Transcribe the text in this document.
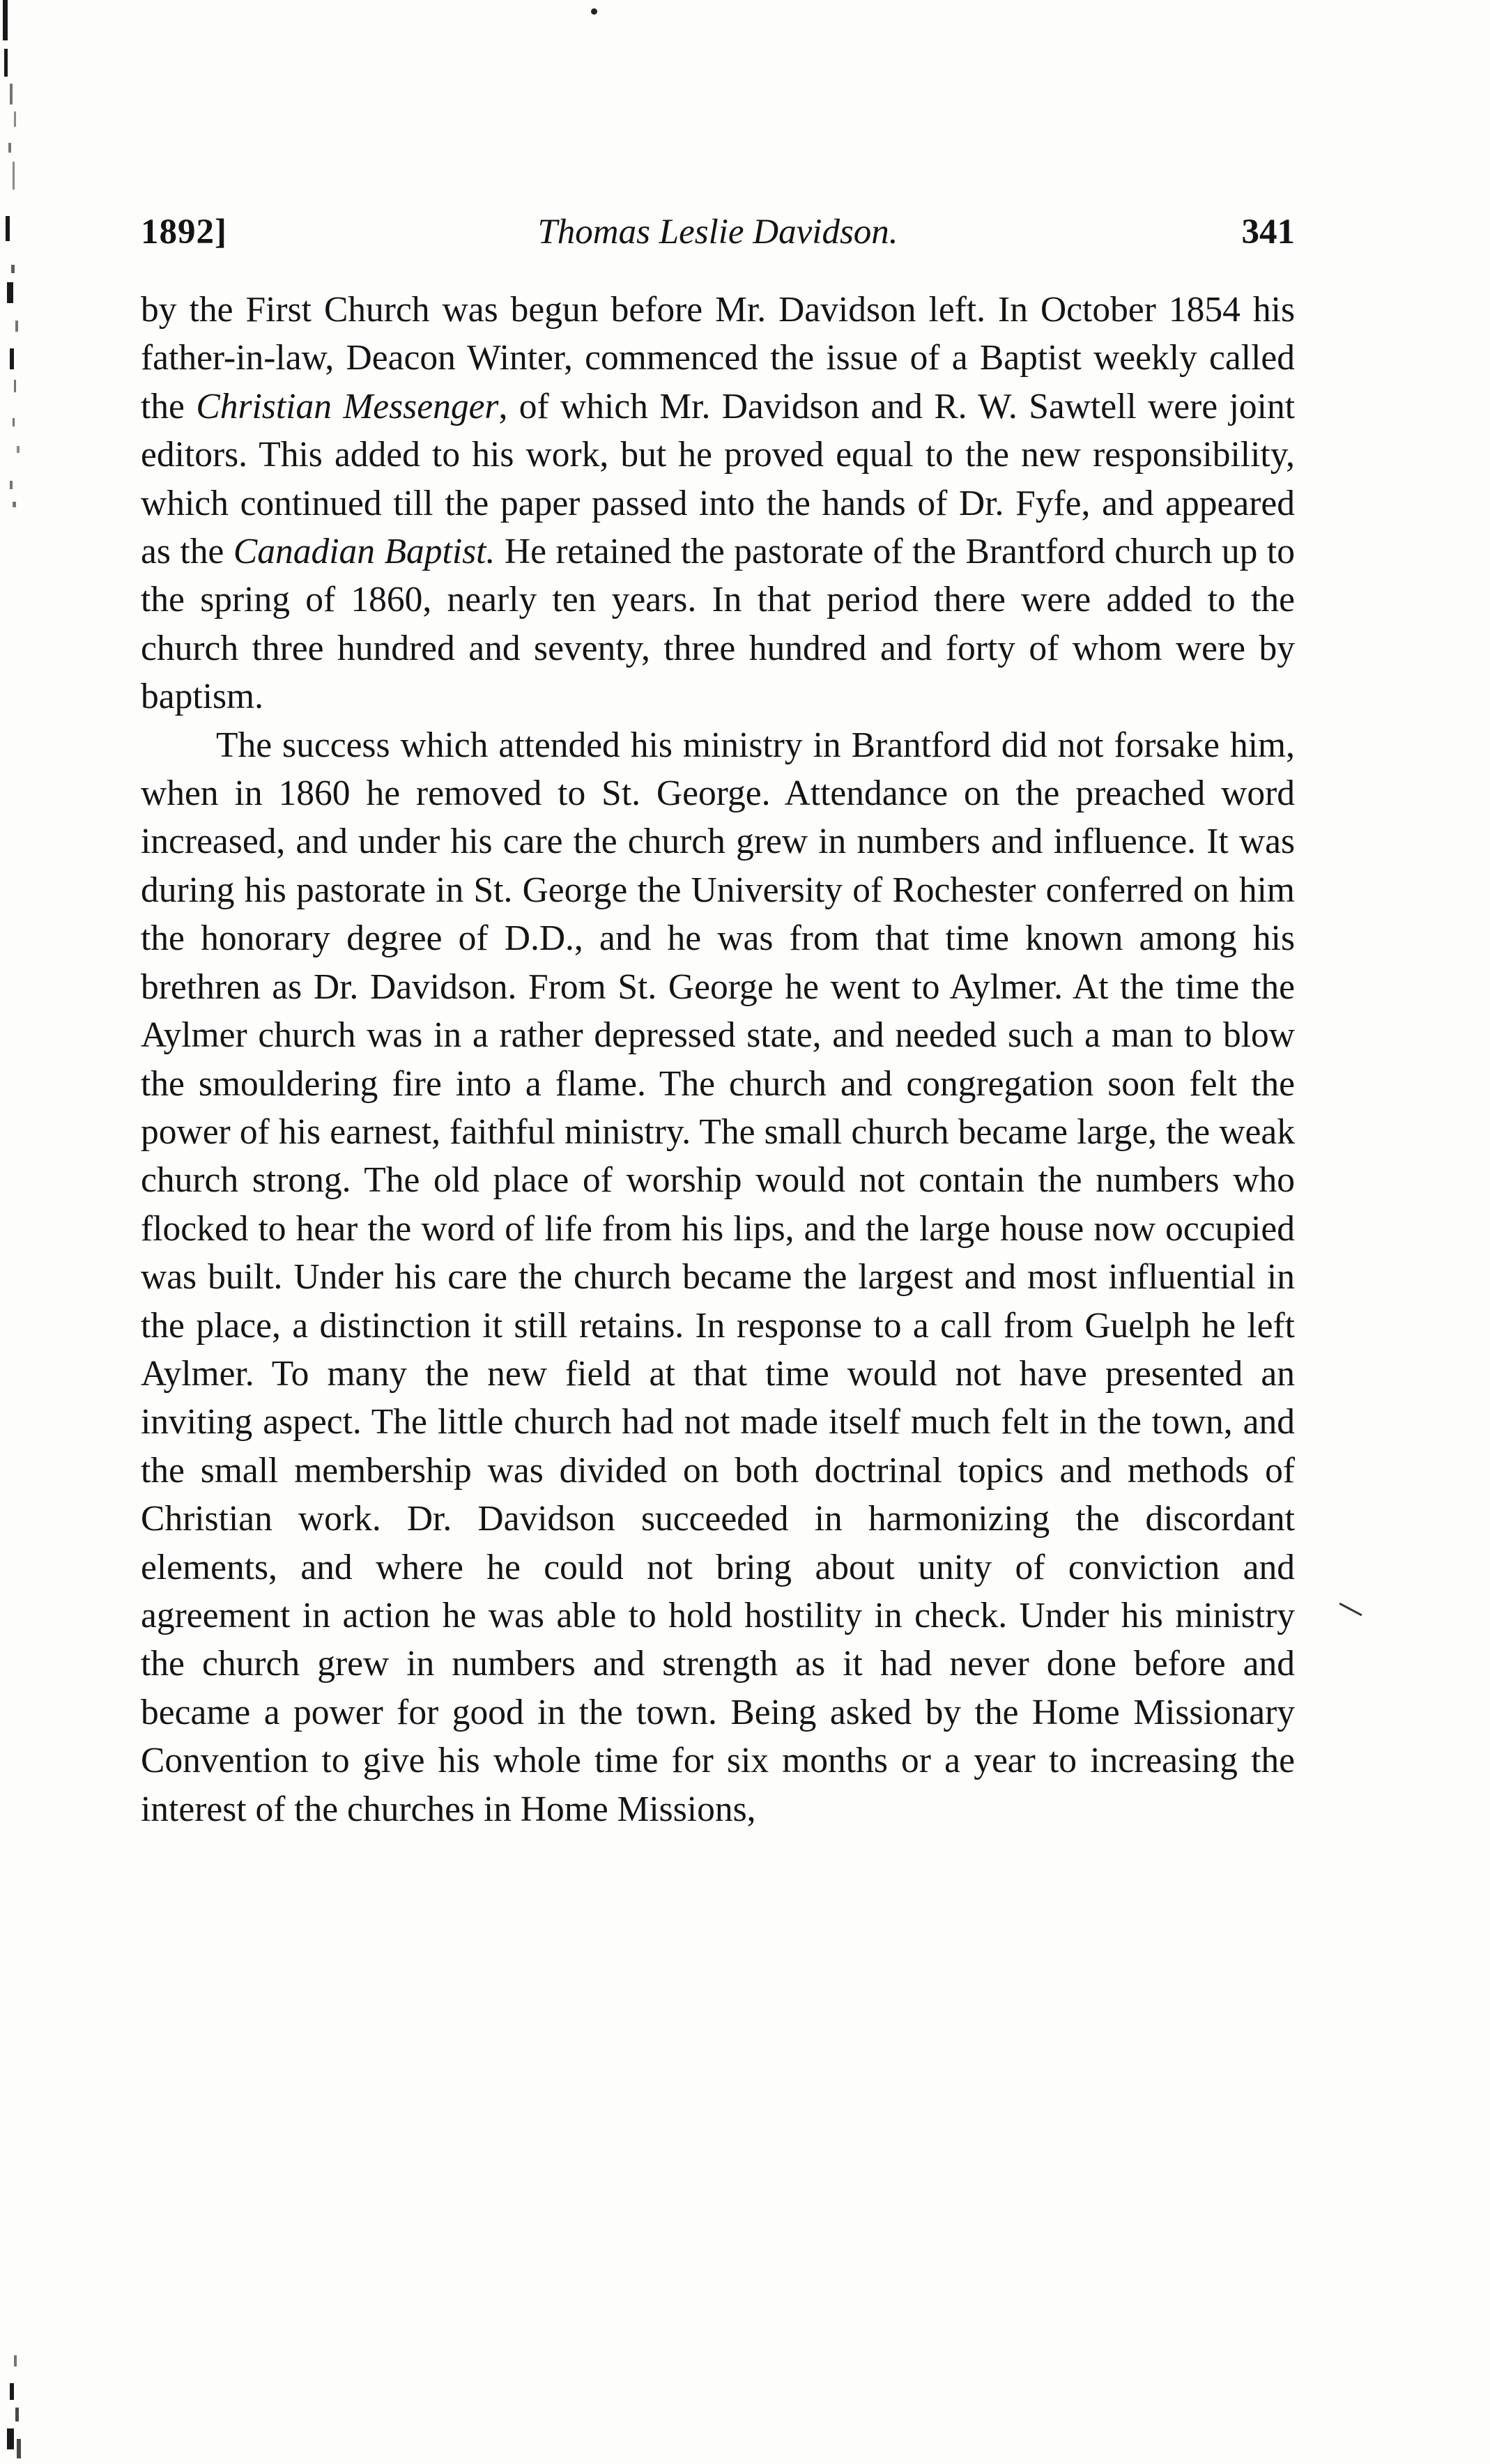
1892]	Thomas Leslie Davidson.	341

by the First Church was begun before Mr. Davidson left. In October 1854 his father-in-law, Deacon Winter, commenced the issue of a Baptist weekly called the Christian Messenger, of which Mr. Davidson and R. W. Sawtell were joint editors. This added to his work, but he proved equal to the new responsibility, which continued till the paper passed into the hands of Dr. Fyfe, and appeared as the Canadian Baptist. He retained the pastorate of the Brantford church up to the spring of 1860, nearly ten years. In that period there were added to the church three hundred and seventy, three hundred and forty of whom were by baptism.

The success which attended his ministry in Brantford did not forsake him, when in 1860 he removed to St. George. Attendance on the preached word increased, and under his care the church grew in numbers and influence. It was during his pastorate in St. George the University of Rochester conferred on him the honorary degree of D.D., and he was from that time known among his brethren as Dr. Davidson. From St. George he went to Aylmer. At the time the Aylmer church was in a rather depressed state, and needed such a man to blow the smouldering fire into a flame. The church and congregation soon felt the power of his earnest, faithful ministry. The small church became large, the weak church strong. The old place of worship would not contain the numbers who flocked to hear the word of life from his lips, and the large house now occupied was built. Under his care the church became the largest and most influential in the place, a distinction it still retains. In response to a call from Guelph he left Aylmer. To many the new field at that time would not have presented an inviting aspect. The little church had not made itself much felt in the town, and the small membership was divided on both doctrinal topics and methods of Christian work. Dr. Davidson succeeded in harmonizing the discordant elements, and where he could not bring about unity of conviction and agreement in action he was able to hold hostility in check. Under his ministry the church grew in numbers and strength as it had never done before and became a power for good in the town. Being asked by the Home Missionary Convention to give his whole time for six months or a year to increasing the interest of the churches in Home Missions,
